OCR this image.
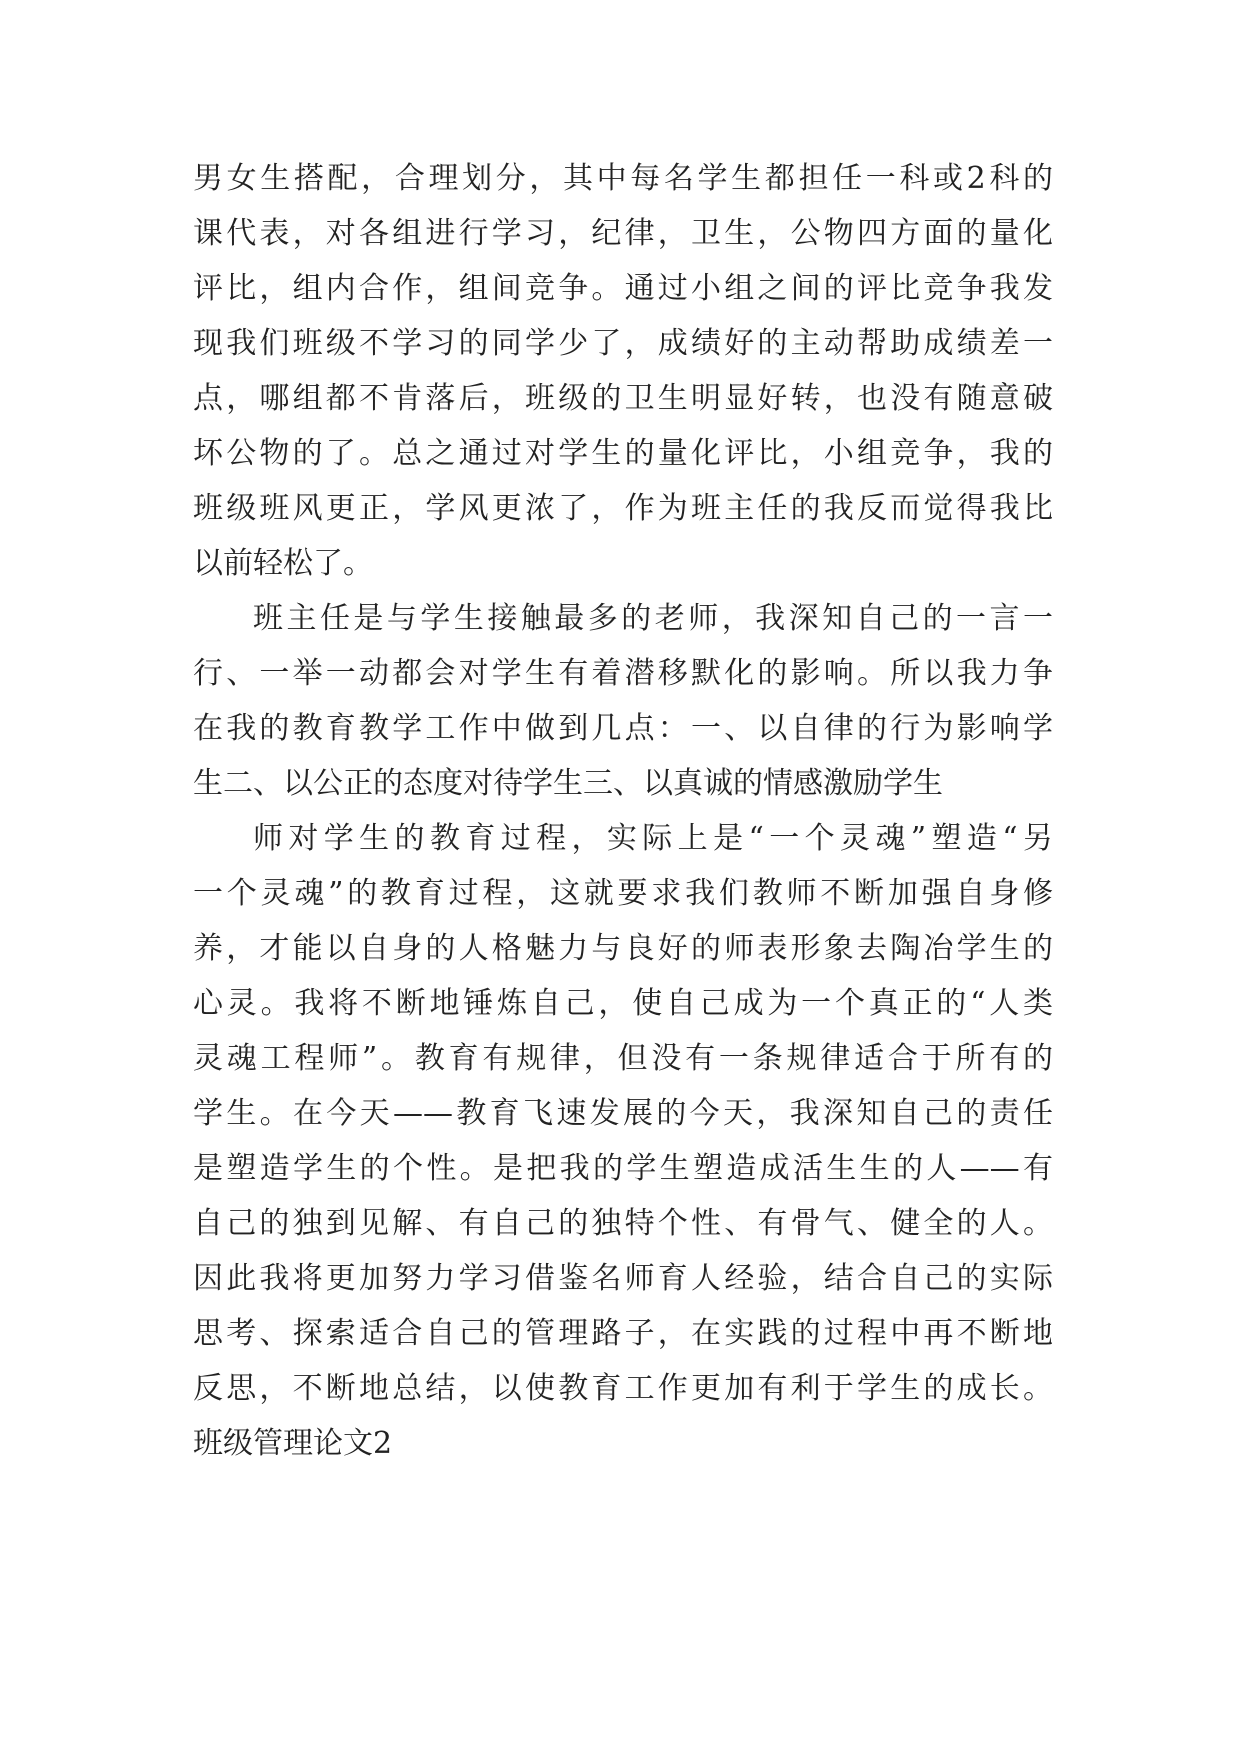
男女生搭配，合理划分，其中每名学生都担任一科或2科的
课代表，对各组进行学习，纪律，卫生，公物四方面的量化
评比，组内合作，组间竞争。通过小组之间的评比竞争我发
现我们班级不学习的同学少了，成绩好的主动帮助成绩差一
点，哪组都不肯落后，班级的卫生明显好转，也没有随意破
坏公物的了。总之通过对学生的量化评比，小组竞争，我的
班级班风更正，学风更浓了，作为班主任的我反而觉得我比
以前轻松了。
班主任是与学生接触最多的老师，我深知自己的一言一
行、一举一动都会对学生有着潜移默化的影响。所以我力争
在我的教育教学工作中做到几点：一、以自律的行为影响学
生二、以公正的态度对待学生三、以真诚的情感激励学生
师对学生的教育过程，实际上是“一个灵魂”塑造“另
一个灵魂”的教育过程，这就要求我们教师不断加强自身修
养，才能以自身的人格魅力与良好的师表形象去陶冶学生的
心灵。我将不断地锤炼自己，使自己成为一个真正的“人类
灵魂工程师”。教育有规律，但没有一条规律适合于所有的
学生。在今天——教育飞速发展的今天，我深知自己的责任
是塑造学生的个性。是把我的学生塑造成活生生的人——有
自己的独到见解、有自己的独特个性、有骨气、健全的人。
因此我将更加努力学习借鉴名师育人经验，结合自己的实际
思考、探索适合自己的管理路子，在实践的过程中再不断地
反思，不断地总结，以使教育工作更加有利于学生的成长。
班级管理论文2
